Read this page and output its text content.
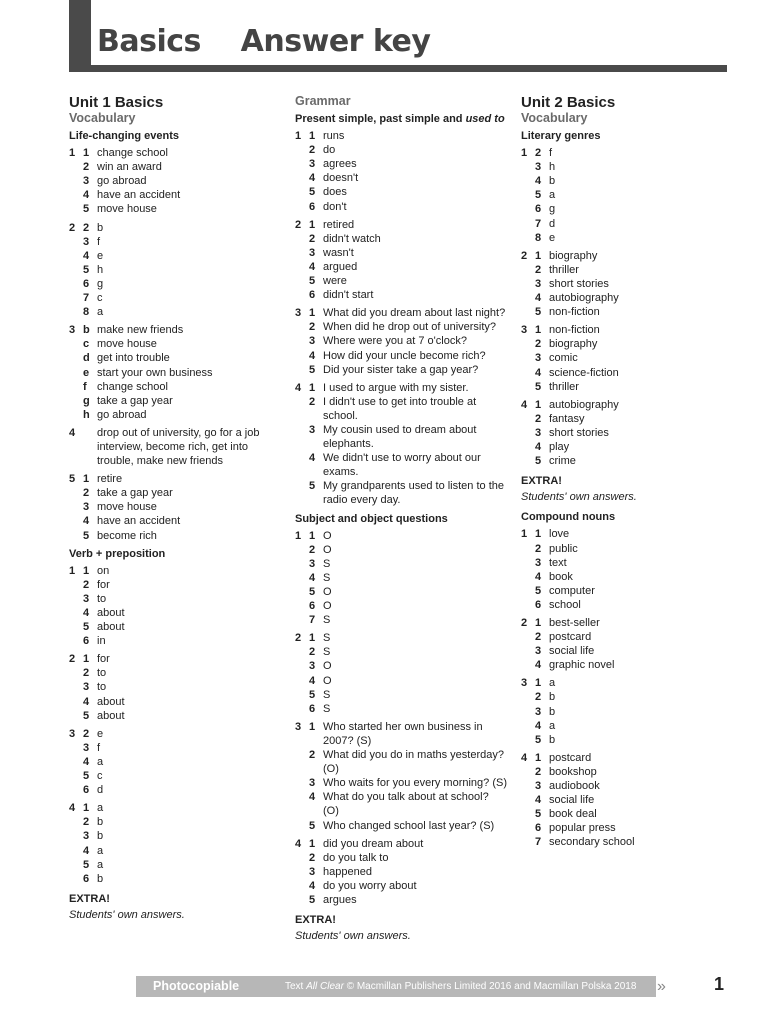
Basics Answer key
Unit 1 Basics
Vocabulary
Life-changing events
1 1 change school
2 win an award
3 go abroad
4 have an accident
5 move house
2 2 b
3 f
4 e
5 h
6 g
7 c
8 a
3 b make new friends
c move house
d get into trouble
e start your own business
f change school
g take a gap year
h go abroad
4	drop out of university, go for a job interview, become rich, get into trouble, make new friends
5 1 retire
2 take a gap year
3 move house
4 have an accident
5 become rich
Verb + preposition
1 1 on
2 for
3 to
4 about
5 about
6 in
2 1 for
2 to
3 to
4 about
5 about
3 2 e
3 f
4 a
5 c
6 d
4 1 a
2 b
3 b
4 a
5 a
6 b
EXTRA!
Students' own answers.
Grammar
Present simple, past simple and used to
1 1 runs
2 do
3 agrees
4 doesn't
5 does
6 don't
2 1 retired
2 didn't watch
3 wasn't
4 argued
5 were
6 didn't start
3 1 What did you dream about last night?
2 When did he drop out of university?
3 Where were you at 7 o'clock?
4 How did your uncle become rich?
5 Did your sister take a gap year?
4 1 I used to argue with my sister.
2 I didn't use to get into trouble at school.
3 My cousin used to dream about elephants.
4 We didn't use to worry about our exams.
5 My grandparents used to listen to the radio every day.
Subject and object questions
1 1 O
2 O
3 S
4 S
5 O
6 O
7 S
2 1 S
2 S
3 O
4 O
5 S
6 S
3 1 Who started her own business in 2007? (S)
2 What did you do in maths yesterday? (O)
3 Who waits for you every morning? (S)
4 What do you talk about at school? (O)
5 Who changed school last year? (S)
4 1 did you dream about
2 do you talk to
3 happened
4 do you worry about
5 argues
EXTRA!
Students' own answers.
Unit 2 Basics
Vocabulary
Literary genres
1 2 f
3 h
4 b
5 a
6 g
7 d
8 e
2 1 biography
2 thriller
3 short stories
4 autobiography
5 non-fiction
3 1 non-fiction
2 biography
3 comic
4 science-fiction
5 thriller
4 1 autobiography
2 fantasy
3 short stories
4 play
5 crime
EXTRA!
Students' own answers.
Compound nouns
1 1 love
2 public
3 text
4 book
5 computer
6 school
2 1 best-seller
2 postcard
3 social life
4 graphic novel
3 1 a
2 b
3 b
4 a
5 b
4 1 postcard
2 bookshop
3 audiobook
4 social life
5 book deal
6 popular press
7 secondary school
Photocopiable	Text All Clear © Macmillan Publishers Limited 2016 and Macmillan Polska 2018 »	1
